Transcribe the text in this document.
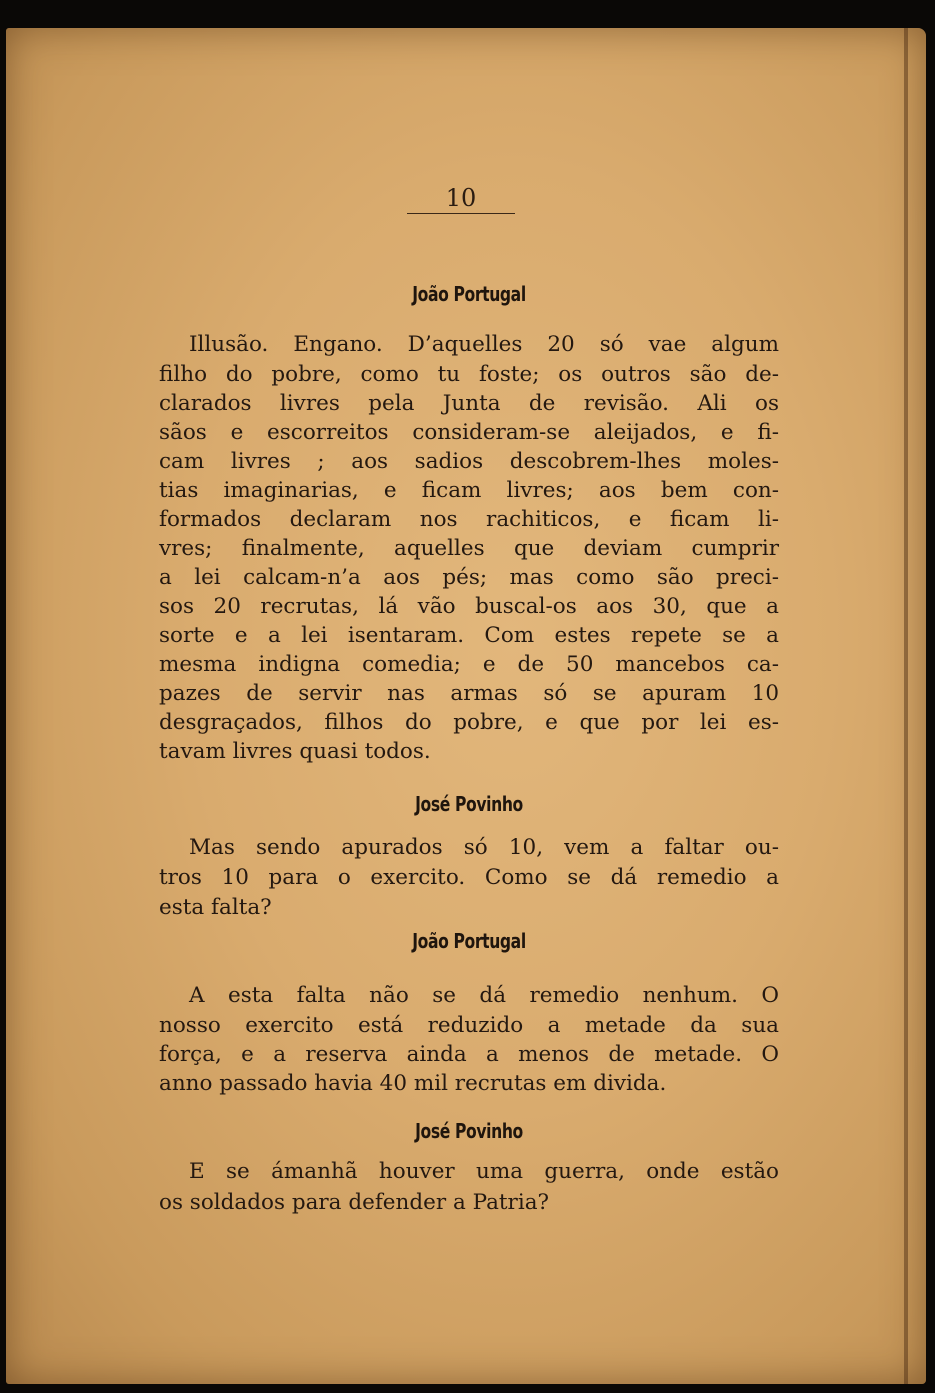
10

João Portugal

Illusão. Engano. D’aquelles 20 só vae algum

filho do pobre, como tu foste; os outros são de-

clarados livres pela Junta de revisão. Ali os

sãos e escorreitos consideram-se aleijados, e fi-

cam livres ; aos sadios descobrem-lhes moles-

tias imaginarias, e ficam livres; aos bem con-

formados declaram nos rachiticos, e ficam li-

vres; finalmente, aquelles que deviam cumprir

a lei calcam-n’a aos pés; mas como são preci-

sos 20 recrutas, lá vão buscal-os aos 30, que a

sorte e a lei isentaram. Com estes repete se a

mesma indigna comedia; e de 50 mancebos ca-

pazes de servir nas armas só se apuram 10

desgraçados, filhos do pobre, e que por lei es-

tavam livres quasi todos.

José Povinho

Mas sendo apurados só 10, vem a faltar ou-

tros 10 para o exercito. Como se dá remedio a

esta falta?

João Portugal

A esta falta não se dá remedio nenhum. O

nosso exercito está reduzido a metade da sua

força, e a reserva ainda a menos de metade. O

anno passado havia 40 mil recrutas em divida.

José Povinho

E se ámanhã houver uma guerra, onde estão

os soldados para defender a Patria?
